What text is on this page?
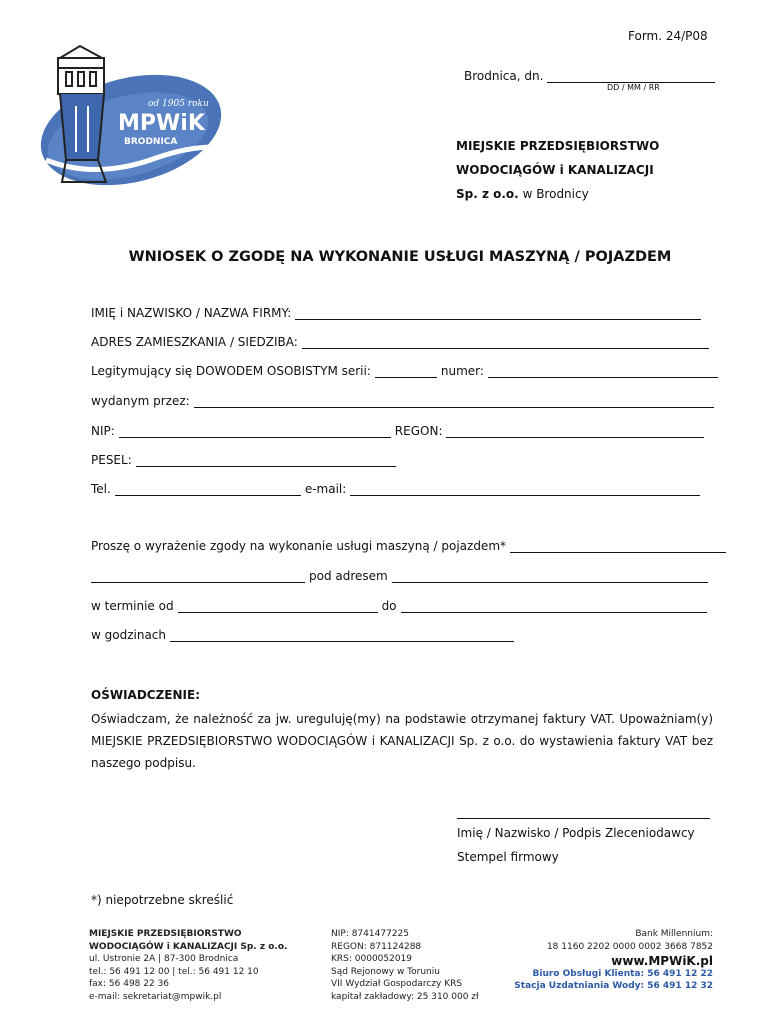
od 1905 roku
MPWiK
BRODNICA
Form. 24/P08
Brodnica, dn.
DD / MM / RR
MIEJSKIE PRZEDSIĘBIORSTWO
WODOCIĄGÓW i KANALIZACJI
Sp. z o.o. w Brodnicy
WNIOSEK O ZGODĘ NA WYKONANIE USŁUGI MASZYNĄ / POJAZDEM
IMIĘ i NAZWISKO / NAZWA FIRMY:
ADRES ZAMIESZKANIA / SIEDZIBA:
Legitymujący się DOWODEM OSOBISTYM serii:	numer:
wydanym przez:
NIP:	REGON:
PESEL:
Tel.	e-mail:
Proszę o wyrażenie zgody na wykonanie usługi maszyną / pojazdem*
pod adresem
w terminie od	do
w godzinach
OŚWIADCZENIE:
Oświadczam, że należność za jw. ureguluję(my) na podstawie otrzymanej faktury VAT. Upoważniam(y) MIEJSKIE PRZEDSIĘBIORSTWO WODOCIĄGÓW i KANALIZACJI Sp. z o.o. do wystawienia faktury VAT bez naszego podpisu.
Imię / Nazwisko / Podpis Zleceniodawcy
Stempel firmowy
*) niepotrzebne skreślić
MIEJSKIE PRZEDSIĘBIORSTWO
WODOCIĄGÓW i KANALIZACJI Sp. z o.o.
ul. Ustronie 2A | 87-300 Brodnica
tel.: 56 491 12 00 | tel.: 56 491 12 10
fax: 56 498 22 36
e-mail: sekretariat@mpwik.pl
NIP: 8741477225
REGON: 871124288
KRS: 0000052019
Sąd Rejonowy w Toruniu
VII Wydział Gospodarczy KRS
kapitał zakładowy: 25 310 000 zł
Bank Millennium:
18 1160 2202 0000 0002 3668 7852
www.MPWiK.pl
Biuro Obsługi Klienta: 56 491 12 22
Stacja Uzdatniania Wody: 56 491 12 32
